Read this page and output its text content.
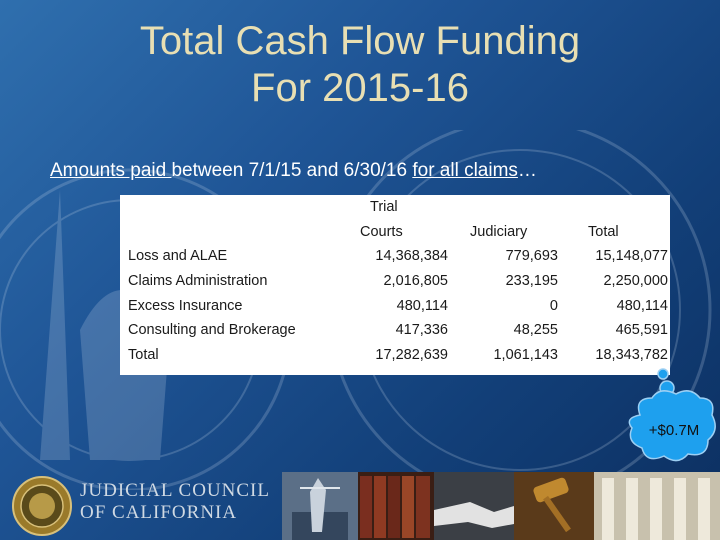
Total Cash Flow Funding
For 2015-16
Amounts paid between 7/1/15 and 6/30/16 for all claims…
	Trial		
	Courts	Judiciary	Total
Loss and ALAE	14,368,384	779,693	15,148,077
Claims Administration	2,016,805	233,195	2,250,000
Excess Insurance	480,114	0	480,114
Consulting and Brokerage	417,336	48,255	465,591
Total	17,282,639	1,061,143	18,343,782
+$0.7M
JUDICIAL COUNCIL
OF CALIFORNIA
